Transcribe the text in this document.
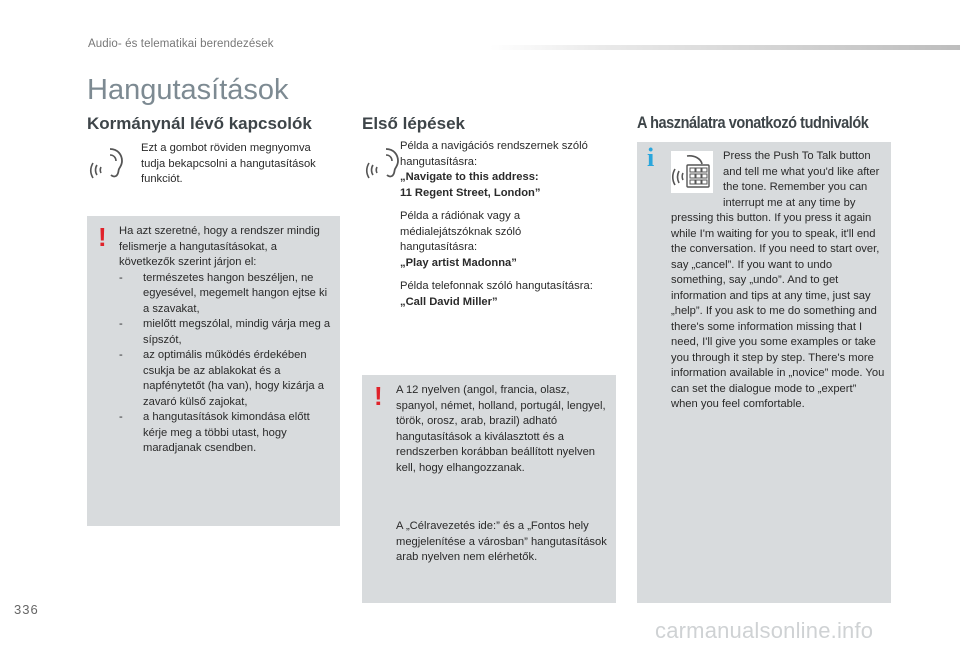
Audio- és telematikai berendezések
Hangutasítások
Kormánynál lévő kapcsolók
Ezt a gombot röviden megnyomva tudja bekapcsolni a hangutasítások funkciót.
! Ha azt szeretné, hogy a rendszer mindig felismerje a hangutasításokat, a következők szerint járjon el:
- természetes hangon beszéljen, ne egyesével, megemelt hangon ejtse ki a szavakat,
- mielőtt megszólal, mindig várja meg a sípszót,
- az optimális működés érdekében csukja be az ablakokat és a napfénytetőt (ha van), hogy kizárja a zavaró külső zajokat,
- a hangutasítások kimondása előtt kérje meg a többi utast, hogy maradjanak csendben.
Első lépések
Példa a navigációs rendszernek szóló hangutasításra:
„Navigate to this address:
11 Regent Street, London”
Példa a rádiónak vagy a médialejátszóknak szóló hangutasításra:
„Play artist Madonna”
Példa telefonnak szóló hangutasításra:
„Call David Miller”
! A 12 nyelven (angol, francia, olasz, spanyol, német, holland, portugál, lengyel, török, orosz, arab, brazil) adható hangutasítások a kiválasztott és a rendszerben korábban beállított nyelven kell, hogy elhangozzanak.
A „Célravezetés ide:” és a „Fontos hely megjelenítése a városban” hangutasítások arab nyelven nem elérhetők.
A használatra vonatkozó tudnivalók
i	Press the Push To Talk button and tell me what you'd like after the tone. Remember you can interrupt me at any time by pressing this button. If you press it again while I'm waiting for you to speak, it'll end the conversation. If you need to start over, say „cancel”. If you want to undo something, say „undo”. And to get information and tips at any time, just say „help”. If you ask to me do something and there's some information missing that I need, I'll give you some examples or take you through it step by step. There's more information available in „novice” mode. You can set the dialogue mode to „expert” when you feel comfortable.
336
carmanualsonline.info
